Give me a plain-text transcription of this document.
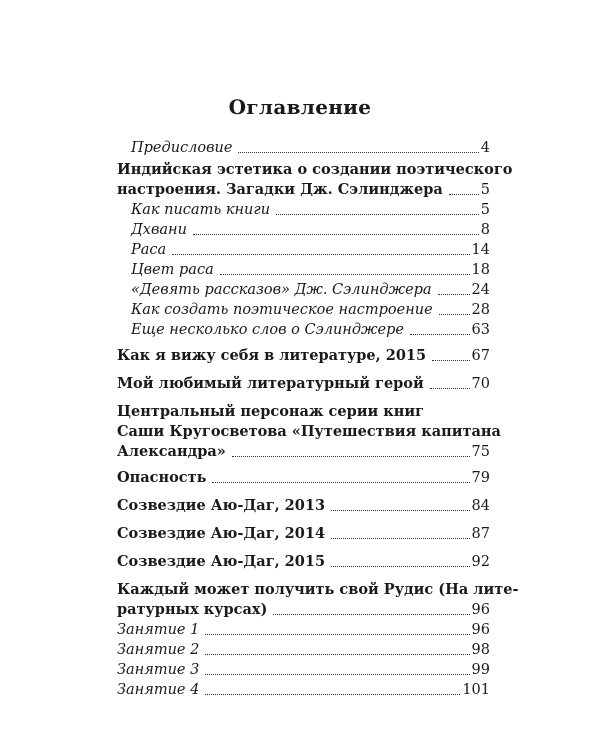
Оглавление
Предисловие	4
Индийская эстетика о создании поэтического
настроения. Загадки Дж. Сэлинджера	5
Как писать книги	5
Дхвани	8
Раса	14
Цвет раса	18
«Девять рассказов» Дж. Сэлинджера	24
Как создать поэтическое настроение	28
Еще несколько слов о Сэлинджере	63
Как я вижу себя в литературе, 2015	67
Мой любимый литературный герой	70
Центральный персонаж серии книг
Саши Кругосветова «Путешествия капитана
Александра»	75
Опасность	79
Созвездие Аю-Даг, 2013	84
Созвездие Аю-Даг, 2014	87
Созвездие Аю-Даг, 2015	92
Каждый может получить свой Рудис (На лите-
ратурных курсах)	96
Занятие 1	96
Занятие 2	98
Занятие 3	99
Занятие 4	101
